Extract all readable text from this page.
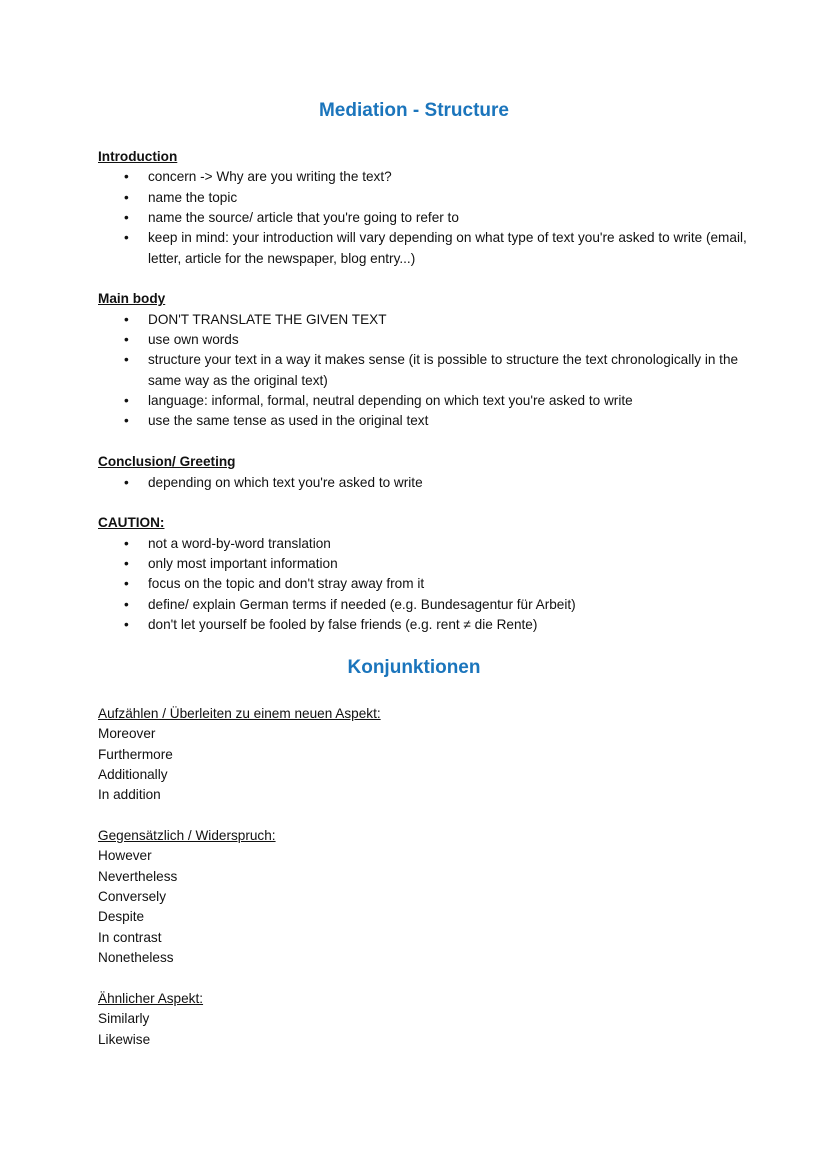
Mediation - Structure
Introduction
• concern -> Why are you writing the text?
• name the topic
• name the source/ article that you're going to refer to
• keep in mind: your introduction will vary depending on what type of text you're asked to write (email, letter, article for the newspaper, blog entry...)
Main body
• DON'T TRANSLATE THE GIVEN TEXT
• use own words
• structure your text in a way it makes sense (it is possible to structure the text chronologically in the same way as the original text)
• language: informal, formal, neutral depending on which text you're asked to write
• use the same tense as used in the original text
Conclusion/ Greeting
• depending on which text you're asked to write
CAUTION:
• not a word-by-word translation
• only most important information
• focus on the topic and don't stray away from it
• define/ explain German terms if needed (e.g. Bundesagentur für Arbeit)
• don't let yourself be fooled by false friends (e.g. rent ≠ die Rente)
Konjunktionen
Aufzählen / Überleiten zu einem neuen Aspekt:
Moreover
Furthermore
Additionally
In addition
Gegensätzlich / Widerspruch:
However
Nevertheless
Conversely
Despite
In contrast
Nonetheless
Ähnlicher Aspekt:
Similarly
Likewise
